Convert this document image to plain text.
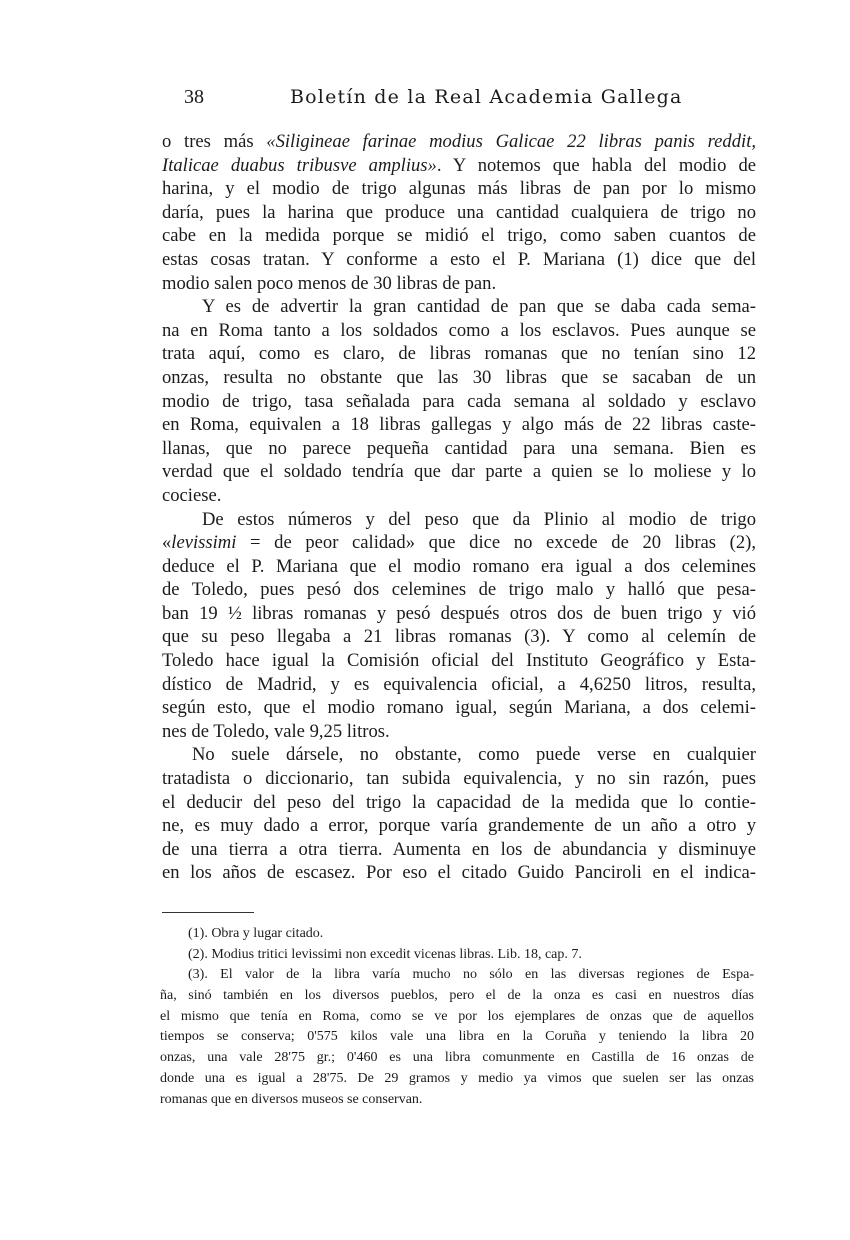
38	Boletín de la Real Academia Gallega
o tres más «Siligineae farinae modius Galicae 22 libras panis reddit,
Italicae duabus tribusve amplius». Y notemos que habla del modio de
harina, y el modio de trigo algunas más libras de pan por lo mismo
daría, pues la harina que produce una cantidad cualquiera de trigo no
cabe en la medida porque se midió el trigo, como saben cuantos de
estas cosas tratan. Y conforme a esto el P. Mariana (1) dice que del
modio salen poco menos de 30 libras de pan.
Y es de advertir la gran cantidad de pan que se daba cada sema-
na en Roma tanto a los soldados como a los esclavos. Pues aunque se
trata aquí, como es claro, de libras romanas que no tenían sino 12
onzas, resulta no obstante que las 30 libras que se sacaban de un
modio de trigo, tasa señalada para cada semana al soldado y esclavo
en Roma, equivalen a 18 libras gallegas y algo más de 22 libras caste-
llanas, que no parece pequeña cantidad para una semana. Bien es
verdad que el soldado tendría que dar parte a quien se lo moliese y lo
cociese.
De estos números y del peso que da Plinio al modio de trigo
«levissimi = de peor calidad» que dice no excede de 20 libras (2),
deduce el P. Mariana que el modio romano era igual a dos celemines
de Toledo, pues pesó dos celemines de trigo malo y halló que pesa-
ban 19 ½ libras romanas y pesó después otros dos de buen trigo y vió
que su peso llegaba a 21 libras romanas (3). Y como al celemín de
Toledo hace igual la Comisión oficial del Instituto Geográfico y Esta-
dístico de Madrid, y es equivalencia oficial, a 4,6250 litros, resulta,
según esto, que el modio romano igual, según Mariana, a dos celemi-
nes de Toledo, vale 9,25 litros.
No suele dársele, no obstante, como puede verse en cualquier
tratadista o diccionario, tan subida equivalencia, y no sin razón, pues
el deducir del peso del trigo la capacidad de la medida que lo contie-
ne, es muy dado a error, porque varía grandemente de un año a otro y
de una tierra a otra tierra. Aumenta en los de abundancia y disminuye
en los años de escasez. Por eso el citado Guido Panciroli en el indica-
(1). Obra y lugar citado.
(2). Modius tritici levissimi non excedit vicenas libras. Lib. 18, cap. 7.
(3). El valor de la libra varía mucho no sólo en las diversas regiones de Espa-
ña, sinó también en los diversos pueblos, pero el de la onza es casi en nuestros días
el mismo que tenía en Roma, como se ve por los ejemplares de onzas que de aquellos
tiempos se conserva; 0'575 kilos vale una libra en la Coruña y teniendo la libra 20
onzas, una vale 28'75 gr.; 0'460 es una libra comunmente en Castilla de 16 onzas de
donde una es igual a 28'75. De 29 gramos y medio ya vimos que suelen ser las onzas
romanas que en diversos museos se conservan.
